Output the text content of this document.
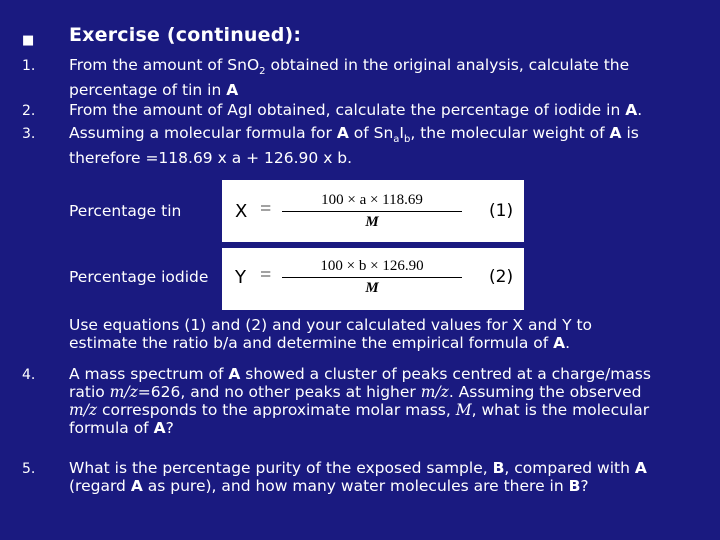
■ Exercise (continued):
1. From the amount of SnO$_2$ obtained in the original analysis, calculate the
percentage of tin in A
2. From the amount of AgI obtained, calculate the percentage of iodide in A.
3. Assuming a molecular formula for A of $Sn_aI_b$, the molecular weight of A is
therefore =118.69 x a + 126.90 x b.
Percentage tin
Percentage iodide
X =	100 × a × 118.69
M
(1)
Y =	100 × b × 126.90
M
(2)
Use equations (1) and (2) and your calculated values for X and Y to
estimate the ratio b/a and determine the empirical formula of A.
4. A mass spectrum of A showed a cluster of peaks centred at a charge/mass
ratio m/z=626, and no other peaks at higher m/z. Assuming the observed
m/z corresponds to the approximate molar mass, M, what is the molecular
formula of A?
5. What is the percentage purity of the exposed sample, B, compared with A
(regard A as pure), and how many water molecules are there in B?
